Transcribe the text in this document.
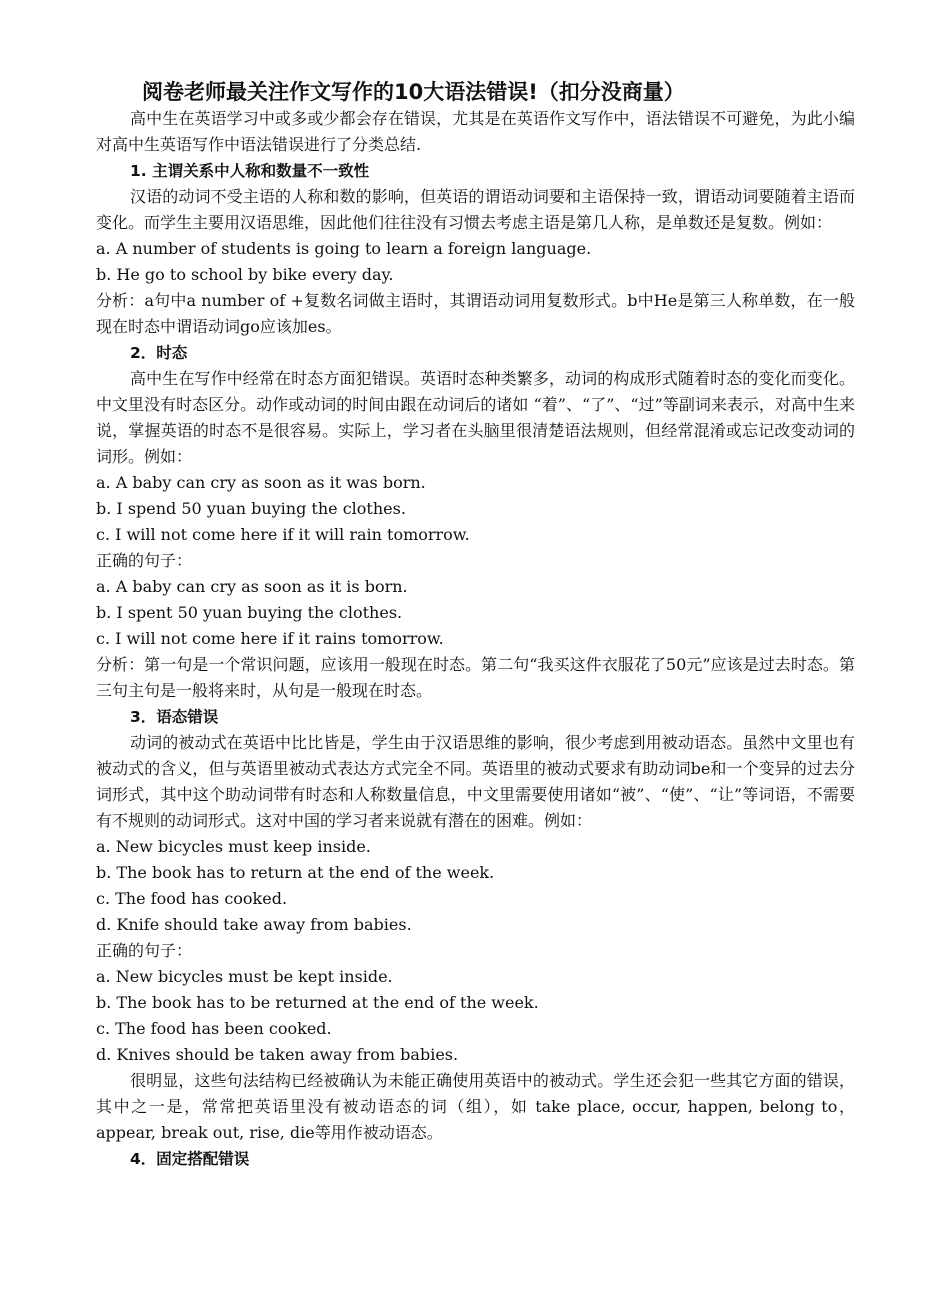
阅卷老师最关注作文写作的10大语法错误!（扣分没商量）

高中生在英语学习中或多或少都会存在错误，尤其是在英语作文写作中，语法错误不可避免，为此小编对高中生英语写作中语法错误进行了分类总结.

1. 主谓关系中人称和数量不一致性

汉语的动词不受主语的人称和数的影响，但英语的谓语动词要和主语保持一致，谓语动词要随着主语而变化。而学生主要用汉语思维，因此他们往往没有习惯去考虑主语是第几人称，是单数还是复数。例如：

a. A number of students is going to learn a foreign language.

b. He go to school by bike every day.

分析：a句中a number of +复数名词做主语时，其谓语动词用复数形式。b中He是第三人称单数，在一般现在时态中谓语动词go应该加es。

2．时态

高中生在写作中经常在时态方面犯错误。英语时态种类繁多，动词的构成形式随着时态的变化而变化。中文里没有时态区分。动作或动词的时间由跟在动词后的诸如 “着”、“了”、“过”等副词来表示，对高中生来说，掌握英语的时态不是很容易。实际上，学习者在头脑里很清楚语法规则，但经常混淆或忘记改变动词的词形。例如：

a. A baby can cry as soon as it was born.

b. I spend 50 yuan buying the clothes.

c. I will not come here if it will rain tomorrow.

正确的句子：

a. A baby can cry as soon as it is born.

b. I spent 50 yuan buying the clothes.

c. I will not come here if it rains tomorrow.

分析：第一句是一个常识问题，应该用一般现在时态。第二句“我买这件衣服花了50元”应该是过去时态。第三句主句是一般将来时，从句是一般现在时态。

3．语态错误

动词的被动式在英语中比比皆是，学生由于汉语思维的影响，很少考虑到用被动语态。虽然中文里也有被动式的含义，但与英语里被动式表达方式完全不同。英语里的被动式要求有助动词be和一个变异的过去分词形式，其中这个助动词带有时态和人称数量信息，中文里需要使用诸如“被”、“使”、“让”等词语，不需要有不规则的动词形式。这对中国的学习者来说就有潜在的困难。例如：

a. New bicycles must keep inside.

b. The book has to return at the end of the week.

c. The food has cooked.

d. Knife should take away from babies.

正确的句子：

a. New bicycles must be kept inside.

b. The book has to be returned at the end of the week.

c. The food has been cooked.

d. Knives should be taken away from babies.

很明显，这些句法结构已经被确认为未能正确使用英语中的被动式。学生还会犯一些其它方面的错误，其中之一是，常常把英语里没有被动语态的词（组），如 take place, occur, happen, belong to，appear, break out, rise, die等用作被动语态。

4．固定搭配错误
